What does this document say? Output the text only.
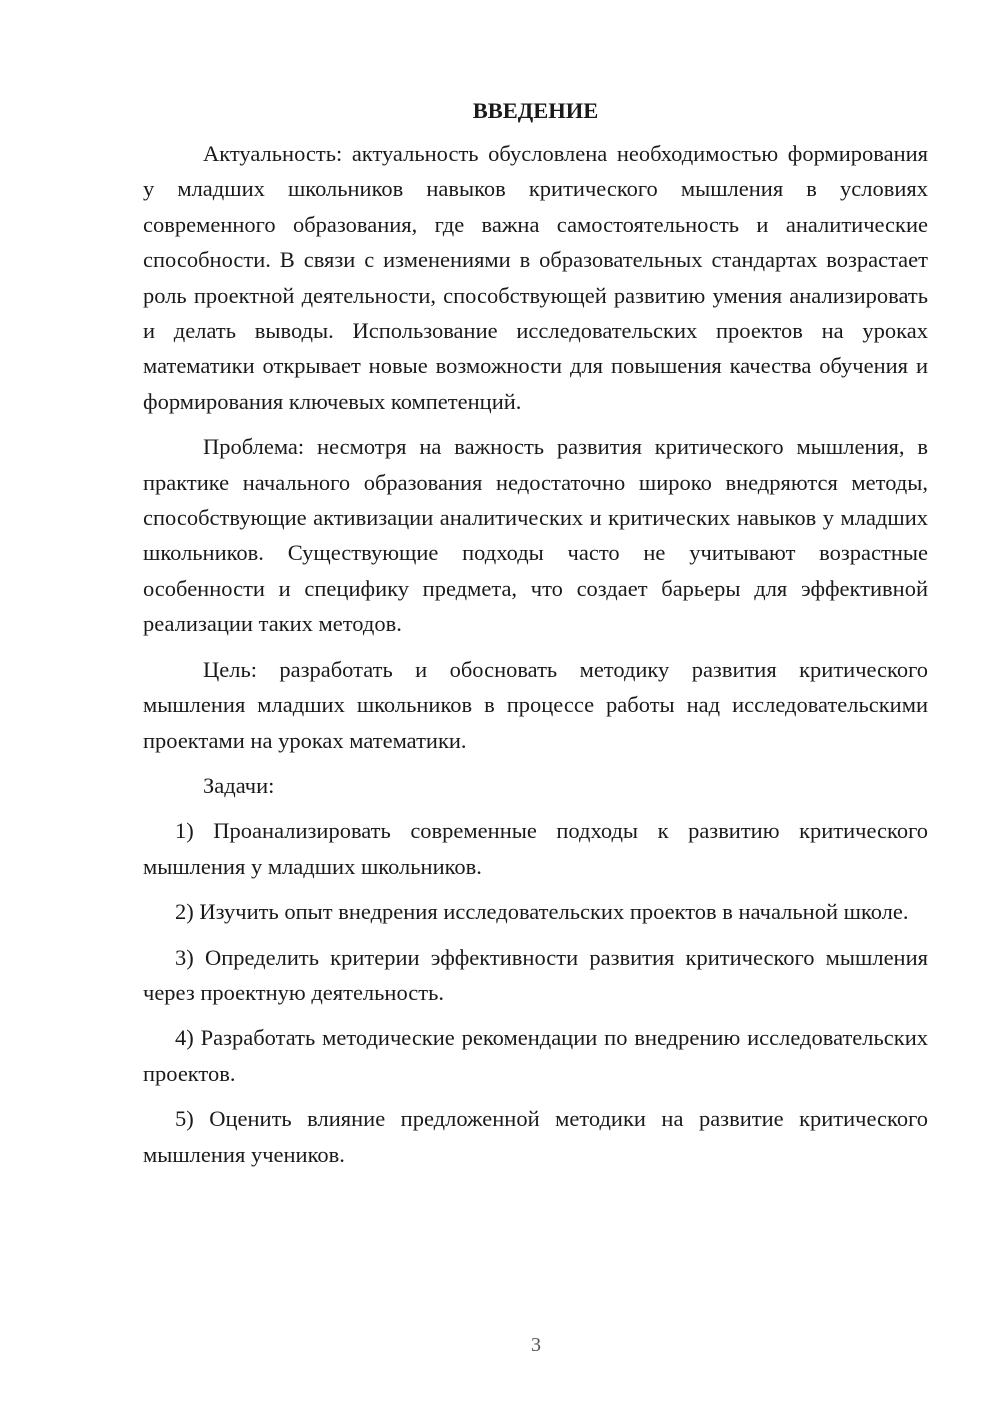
ВВЕДЕНИЕ

Актуальность: актуальность обусловлена необходимостью формирования у младших школьников навыков критического мышления в условиях современного образования, где важна самостоятельность и аналитические способности. В связи с изменениями в образовательных стандартах возрастает роль проектной деятельности, способствующей развитию умения анализировать и делать выводы. Использование исследовательских проектов на уроках математики открывает новые возможности для повышения качества обучения и формирования ключевых компетенций.

Проблема: несмотря на важность развития критического мышления, в практике начального образования недостаточно широко внедряются методы, способствующие активизации аналитических и критических навыков у младших школьников. Существующие подходы часто не учитывают возрастные особенности и специфику предмета, что создает барьеры для эффективной реализации таких методов.

Цель: разработать и обосновать методику развития критического мышления младших школьников в процессе работы над исследовательскими проектами на уроках математики.

Задачи:

1) Проанализировать современные подходы к развитию критического мышления у младших школьников.

2) Изучить опыт внедрения исследовательских проектов в начальной школе.

3) Определить критерии эффективности развития критического мышления через проектную деятельность.

4) Разработать методические рекомендации по внедрению исследовательских проектов.

5) Оценить влияние предложенной методики на развитие критического мышления учеников.

3
